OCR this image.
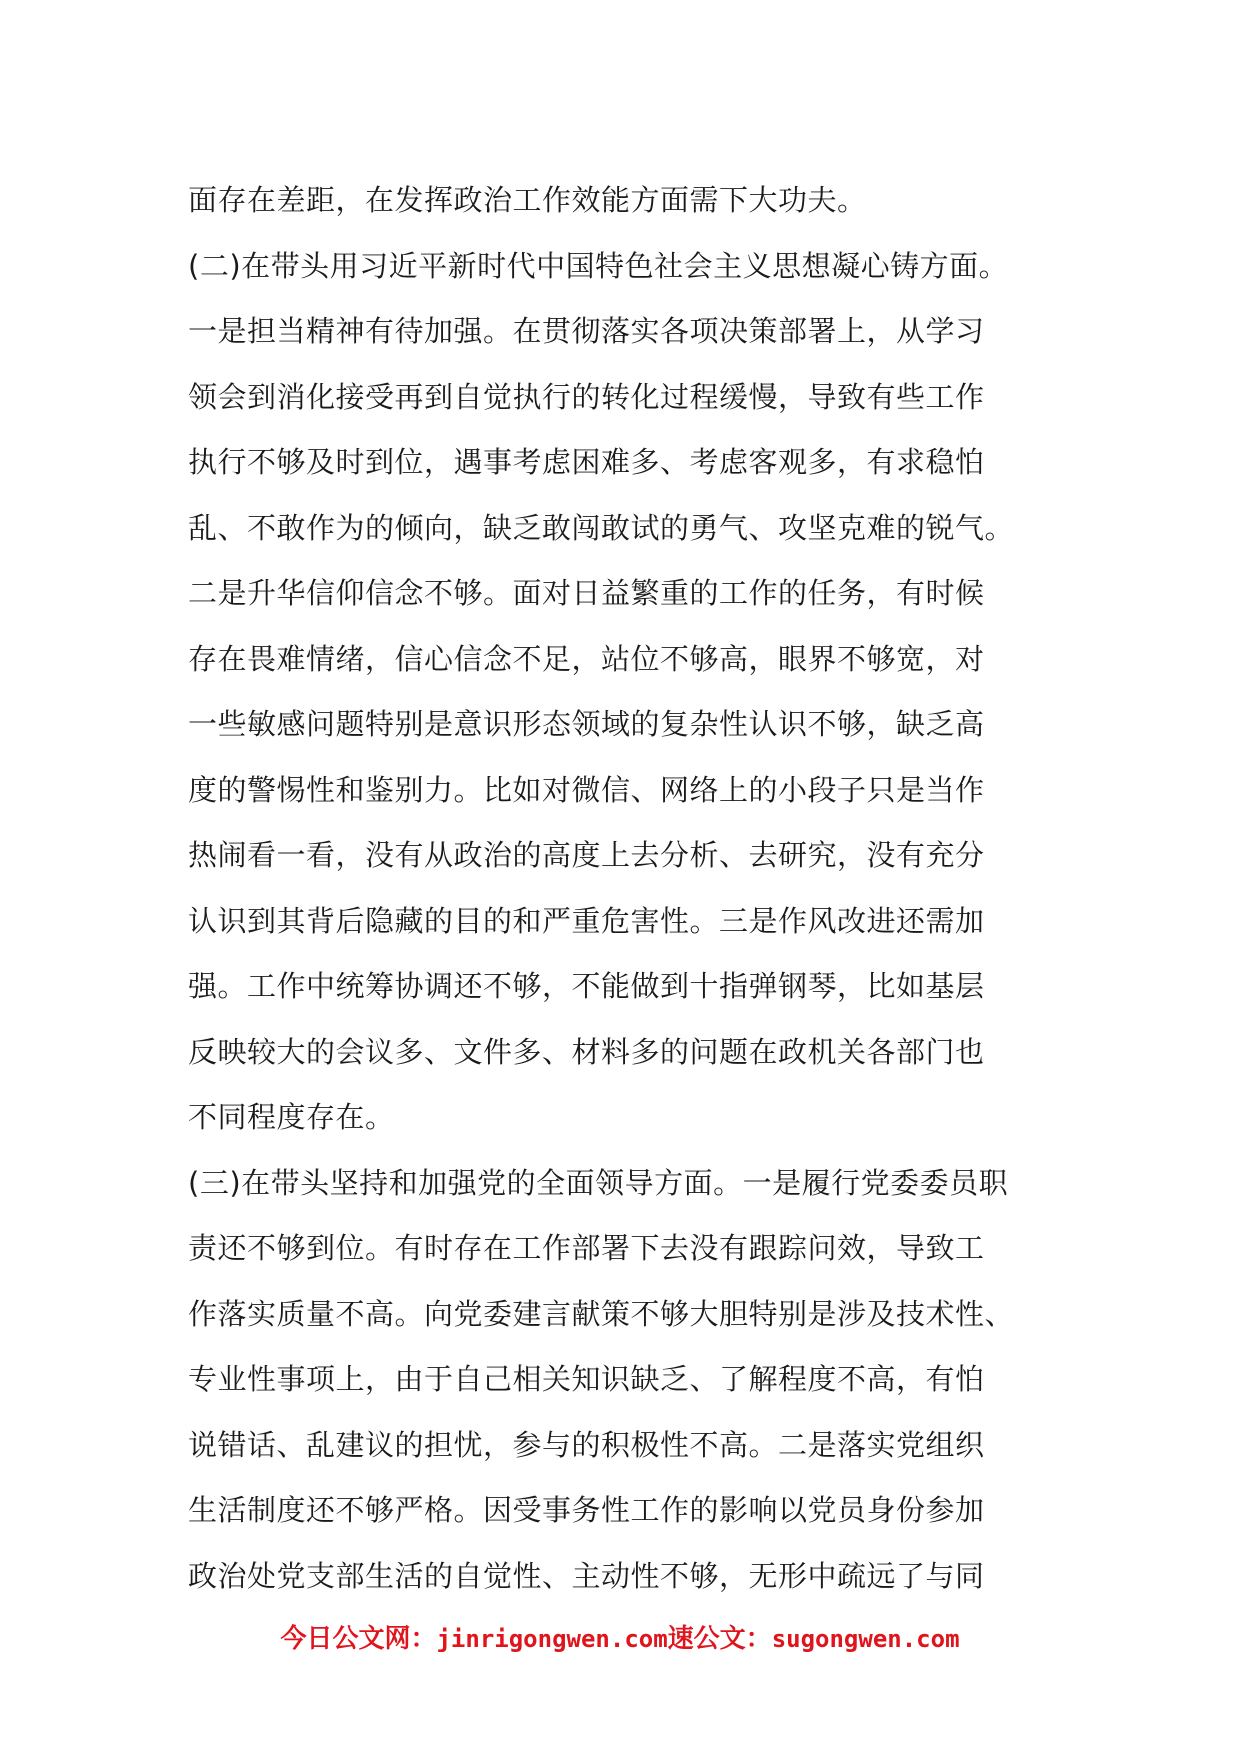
面存在差距，在发挥政治工作效能方面需下大功夫。
(二)在带头用习近平新时代中国特色社会主义思想凝心铸方面。
一是担当精神有待加强。在贯彻落实各项决策部署上，从学习
领会到消化接受再到自觉执行的转化过程缓慢，导致有些工作
执行不够及时到位，遇事考虑困难多、考虑客观多，有求稳怕
乱、不敢作为的倾向，缺乏敢闯敢试的勇气、攻坚克难的锐气。
二是升华信仰信念不够。面对日益繁重的工作的任务，有时候
存在畏难情绪，信心信念不足，站位不够高，眼界不够宽，对
一些敏感问题特别是意识形态领域的复杂性认识不够，缺乏高
度的警惕性和鉴别力。比如对微信、网络上的小段子只是当作
热闹看一看，没有从政治的高度上去分析、去研究，没有充分
认识到其背后隐藏的目的和严重危害性。三是作风改进还需加
强。工作中统筹协调还不够，不能做到十指弹钢琴，比如基层
反映较大的会议多、文件多、材料多的问题在政机关各部门也
不同程度存在。
(三)在带头坚持和加强党的全面领导方面。一是履行党委委员职
责还不够到位。有时存在工作部署下去没有跟踪问效，导致工
作落实质量不高。向党委建言献策不够大胆特别是涉及技术性、
专业性事项上，由于自己相关知识缺乏、了解程度不高，有怕
说错话、乱建议的担忧，参与的积极性不高。二是落实党组织
生活制度还不够严格。因受事务性工作的影响以党员身份参加
政治处党支部生活的自觉性、主动性不够，无形中疏远了与同
今日公文网：jinrigongwen.com速公文：sugongwen.com
